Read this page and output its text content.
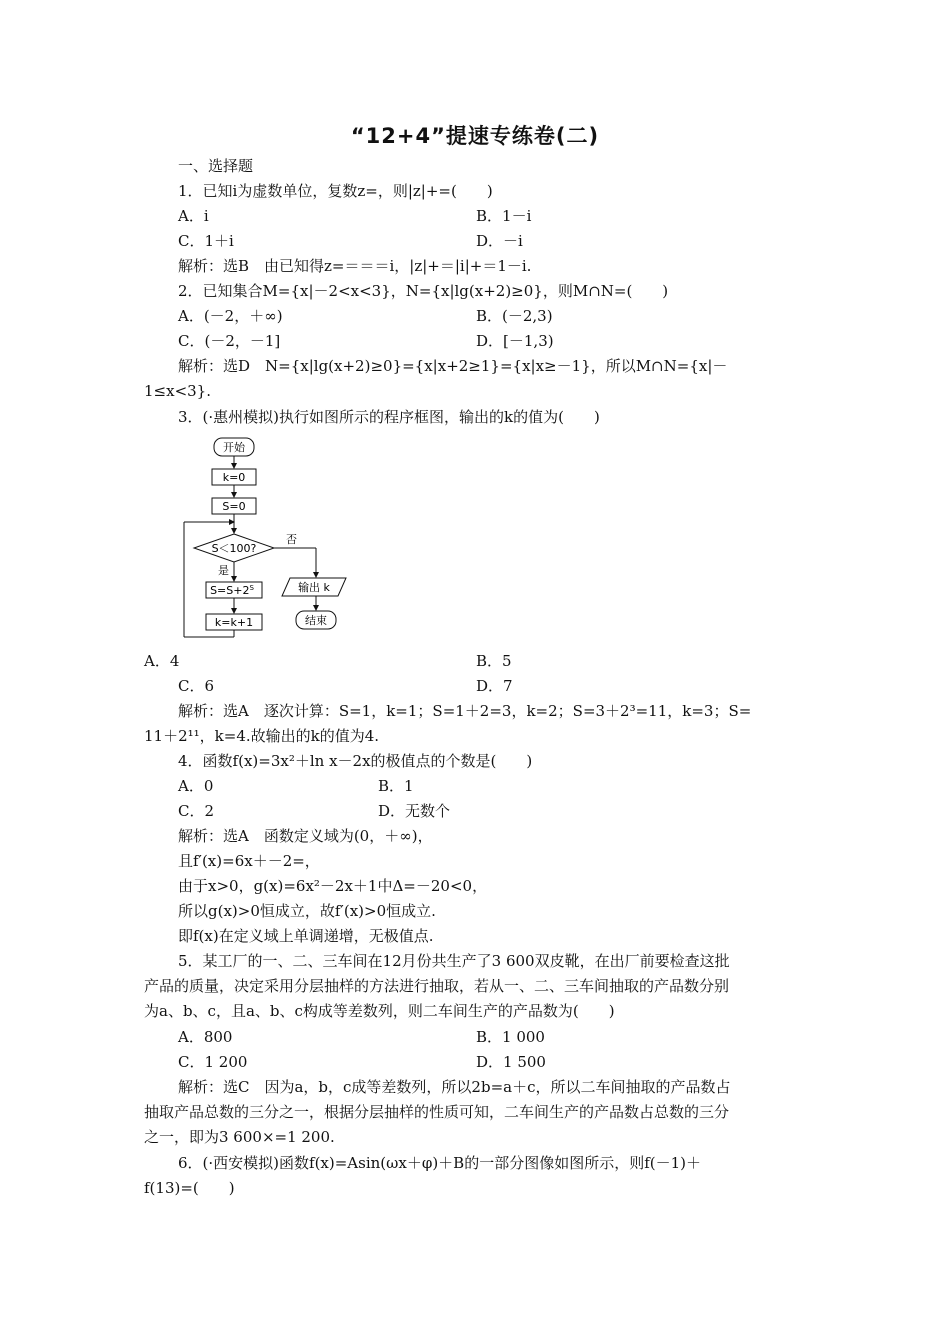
“12+4”提速专练卷(二)
一、选择题
1．已知i为虚数单位，复数z=，则|z|+=(　　)
A．i	B．1－i
C．1＋i	D．－i
解析：选B　由已知得z=＝＝＝i，|z|+＝|i|+＝1－i.
2．已知集合M={x|－2<x<3}，N={x|lg(x+2)≥0}，则M∩N=(　　)
A．(－2，＋∞)	B．(－2,3)
C．(－2，－1]	D．[－1,3)
解析：选D　N={x|lg(x+2)≥0}={x|x+2≥1}={x|x≥－1}，所以M∩N={x|－
1≤x<3}.
3．(·惠州模拟)执行如图所示的程序框图，输出的k的值为(　　)
开始
k=0
S=0
S＜100?
否
输出 k
结束
是
$S=S+2^S$
k=k+1
A．4	B．5
C．6	D．7
解析：选A　逐次计算：S=1，k=1；S=1＋2=3，k=2；S=3＋2³=11，k=3；S=
11＋2¹¹，k=4.故输出的k的值为4.
4．函数f(x)=3x²＋ln x－2x的极值点的个数是(　　)
A．0	B．1
C．2	D．无数个
解析：选A　函数定义域为(0，＋∞)，
且f′(x)=6x＋－2=，
由于x>0，g(x)=6x²－2x＋1中Δ=－20<0，
所以g(x)>0恒成立，故f′(x)>0恒成立.
即f(x)在定义域上单调递增，无极值点.
5．某工厂的一、二、三车间在12月份共生产了3 600双皮靴，在出厂前要检查这批
产品的质量，决定采用分层抽样的方法进行抽取，若从一、二、三车间抽取的产品数分别
为a、b、c，且a、b、c构成等差数列，则二车间生产的产品数为(　　)
A．800	B．1 000
C．1 200	D．1 500
解析：选C　因为a，b，c成等差数列，所以2b=a＋c，所以二车间抽取的产品数占
抽取产品总数的三分之一，根据分层抽样的性质可知，二车间生产的产品数占总数的三分
之一，即为3 600×=1 200.
6．(·西安模拟)函数f(x)=Asin(ωx＋φ)＋B的一部分图像如图所示，则f(－1)＋
f(13)=(　　)
